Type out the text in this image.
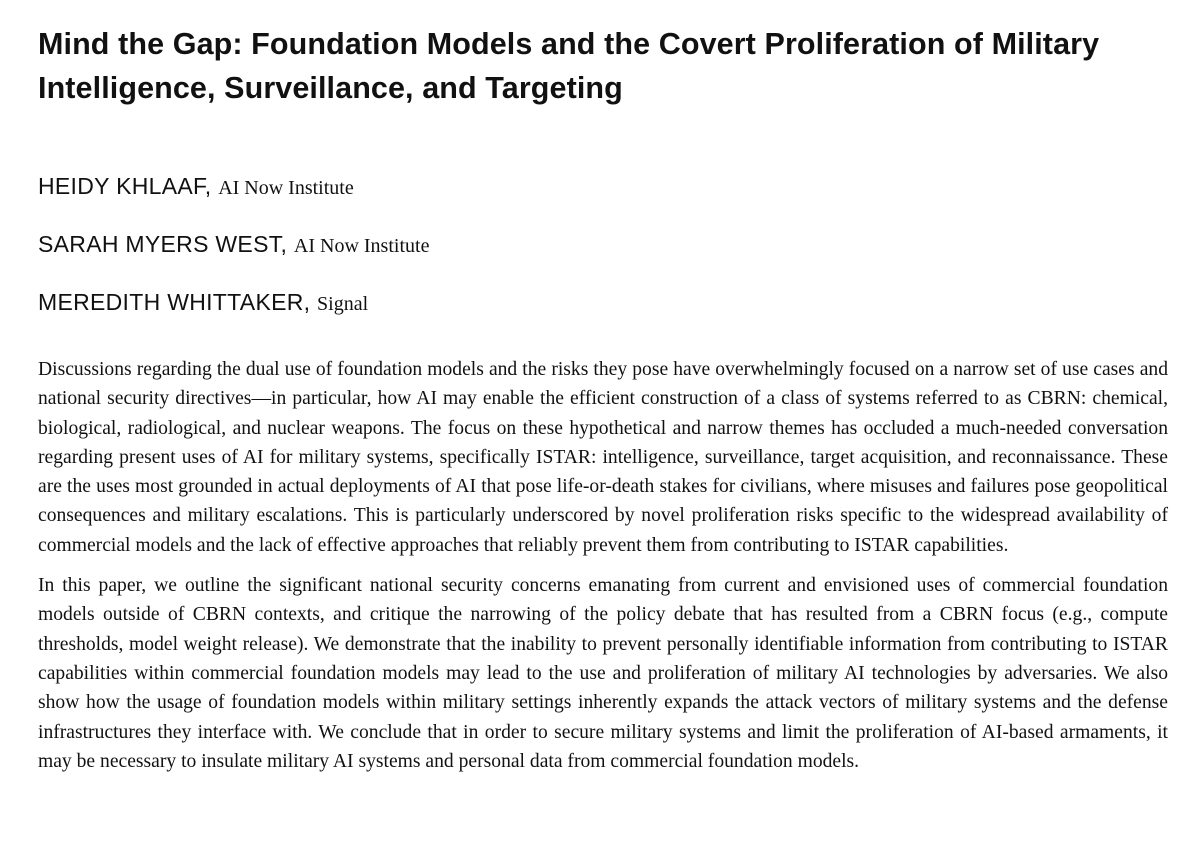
Mind the Gap: Foundation Models and the Covert Proliferation of Military Intelligence, Surveillance, and Targeting
HEIDY KHLAAF, AI Now Institute
SARAH MYERS WEST, AI Now Institute
MEREDITH WHITTAKER, Signal

Discussions regarding the dual use of foundation models and the risks they pose have overwhelmingly focused on a narrow set of use cases and national security directives—in particular, how AI may enable the efficient construction of a class of systems referred to as CBRN: chemical, biological, radiological, and nuclear weapons. The focus on these hypothetical and narrow themes has occluded a much-needed conversation regarding present uses of AI for military systems, specifically ISTAR: intelligence, surveillance, target acquisition, and reconnaissance. These are the uses most grounded in actual deployments of AI that pose life-or-death stakes for civilians, where misuses and failures pose geopolitical consequences and military escalations. This is particularly underscored by novel proliferation risks specific to the widespread availability of commercial models and the lack of effective approaches that reliably prevent them from contributing to ISTAR capabilities.

In this paper, we outline the significant national security concerns emanating from current and envisioned uses of commercial foundation models outside of CBRN contexts, and critique the narrowing of the policy debate that has resulted from a CBRN focus (e.g., compute thresholds, model weight release). We demonstrate that the inability to prevent personally identifiable information from contributing to ISTAR capabilities within commercial foundation models may lead to the use and proliferation of military AI technologies by adversaries. We also show how the usage of foundation models within military settings inherently expands the attack vectors of military systems and the defense infrastructures they interface with. We conclude that in order to secure military systems and limit the proliferation of AI-based armaments, it may be necessary to insulate military AI systems and personal data from commercial foundation models.
